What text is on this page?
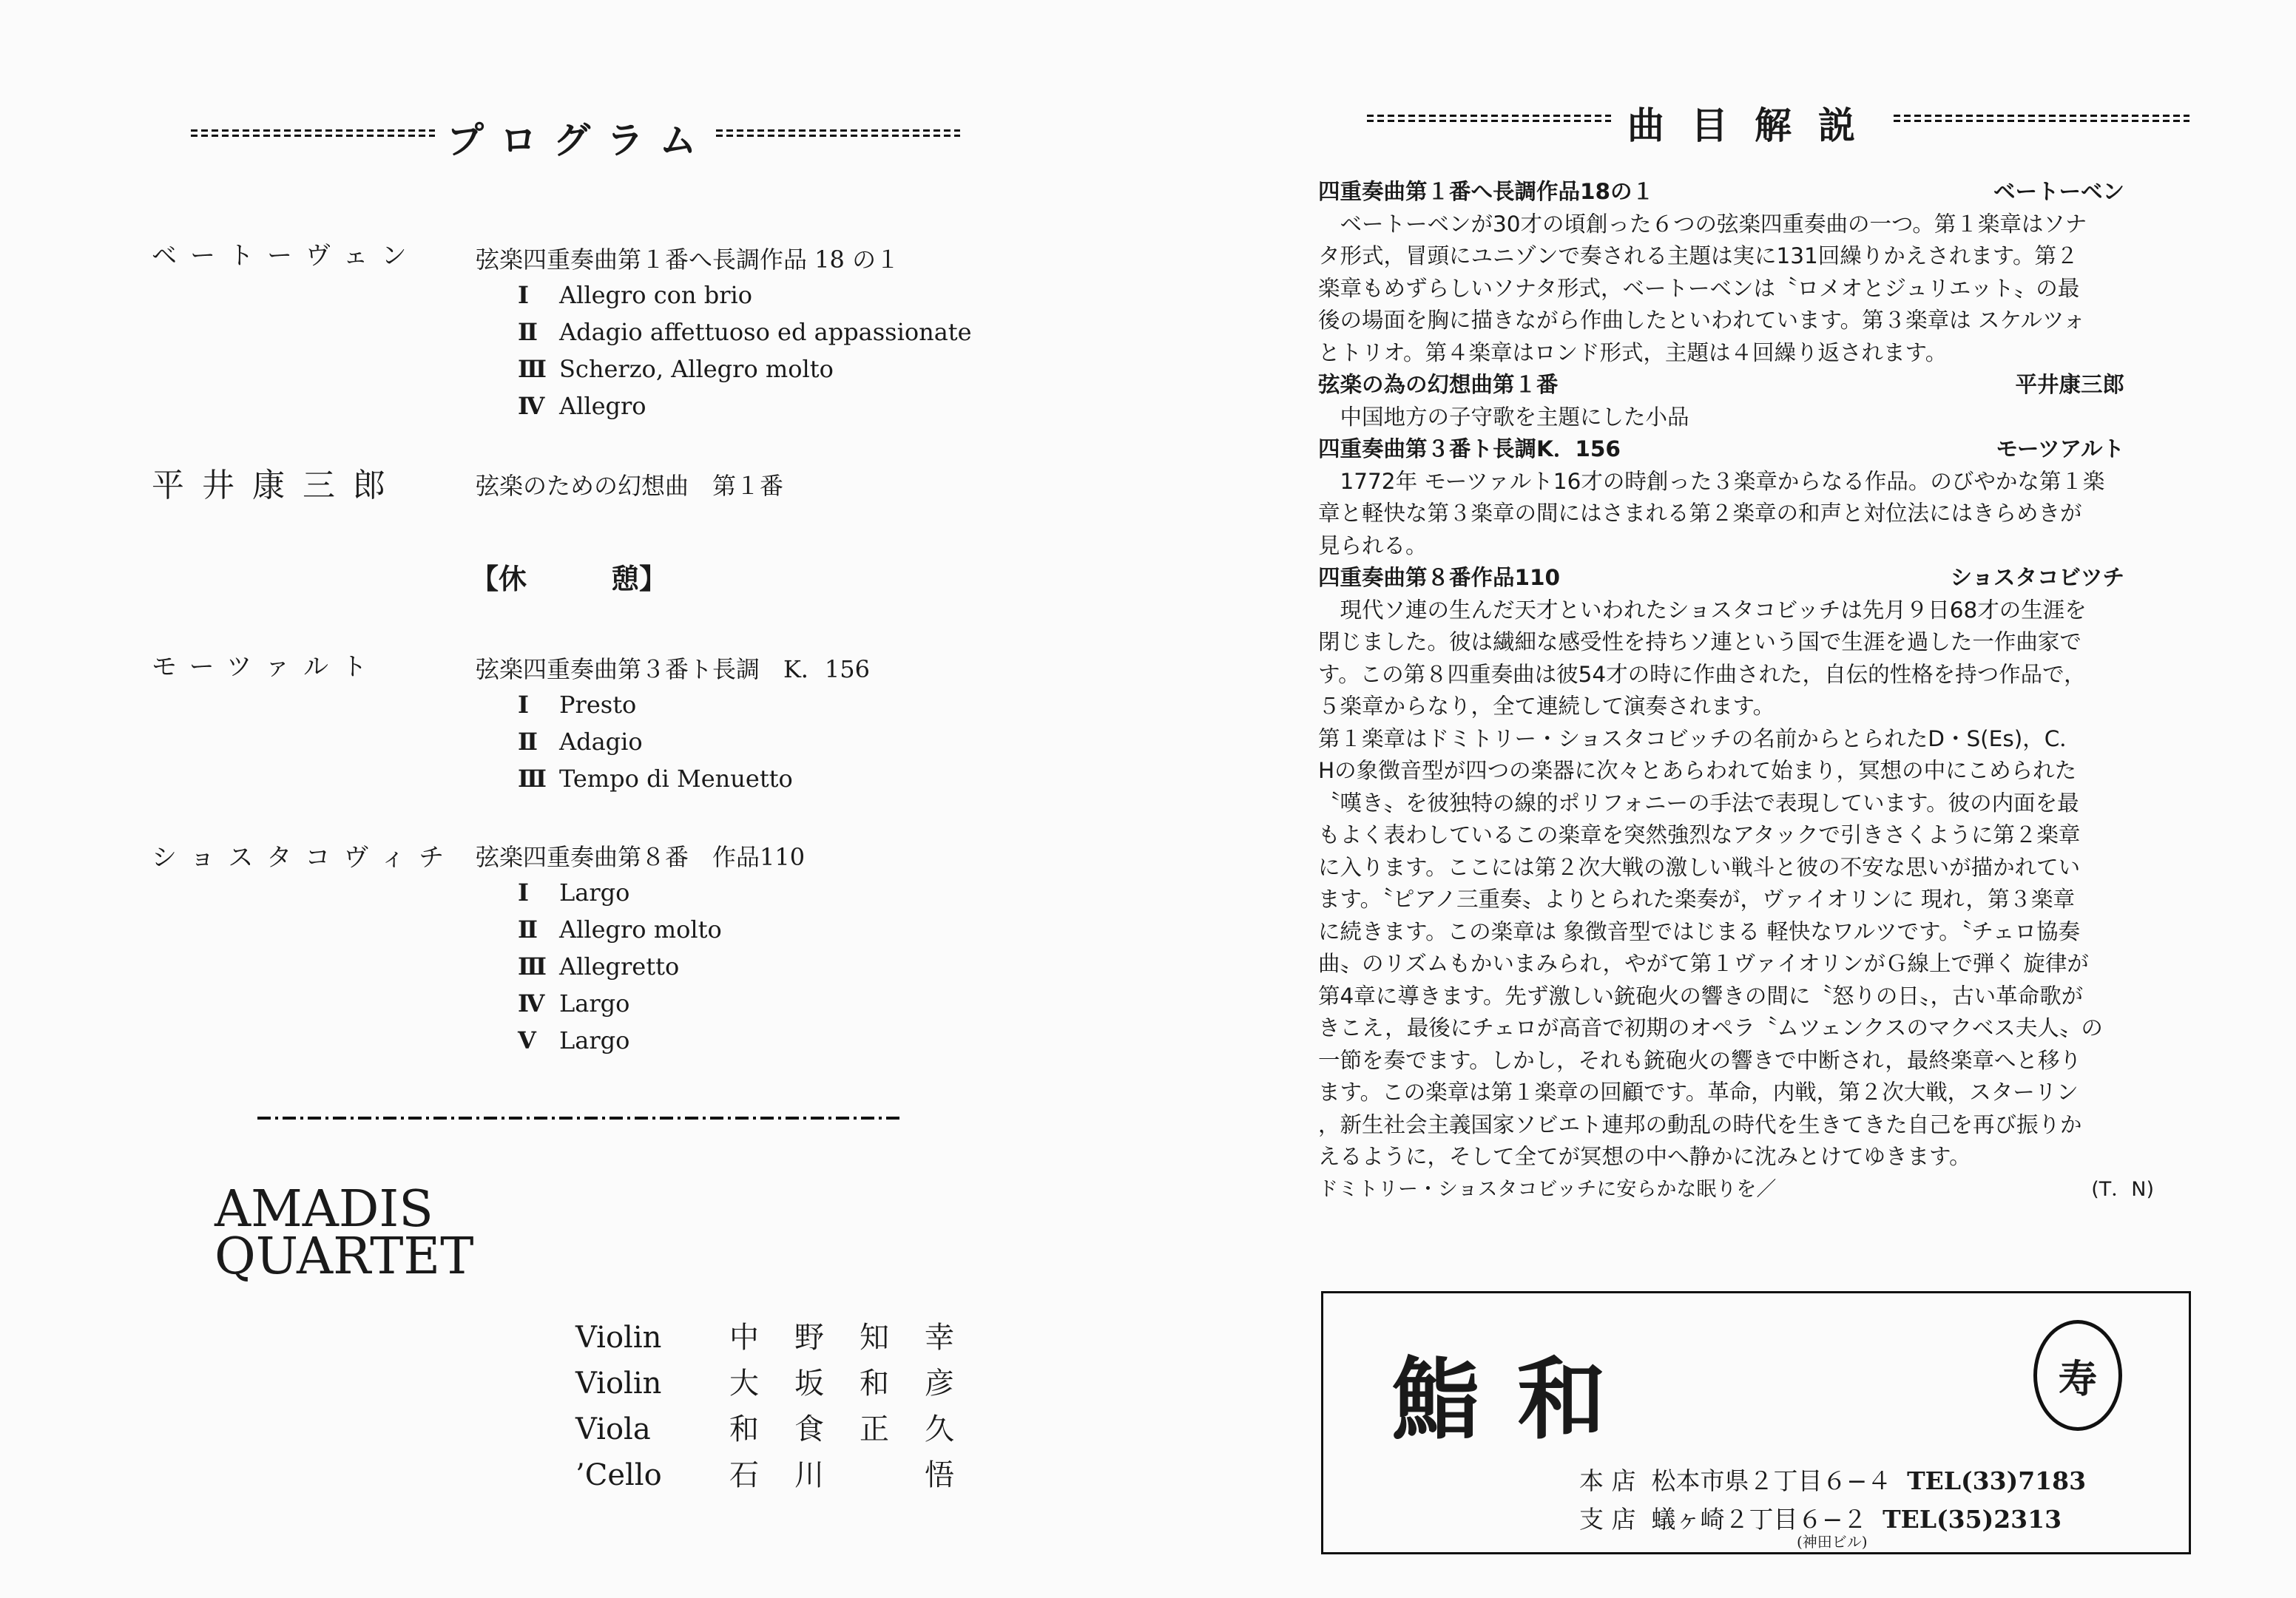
プログラム
ベートーヴェン 弦楽四重奏曲第１番へ長調作品 18 の１
Ⅰ Allegro con brio
Ⅱ Adagio affettuoso ed appassionate
Ⅲ Scherzo, Allegro molto
Ⅳ Allegro
平井康三郎	弦楽のための幻想曲　第１番
【休　　　憩】
モーツァルト	弦楽四重奏曲第３番ト長調　K．156
Ⅰ Presto
Ⅱ Adagio
Ⅲ Tempo di Menuetto
ショスタコヴィチ 弦楽四重奏曲第８番　作品110
Ⅰ Largo
Ⅱ Allegro molto
Ⅲ Allegretto
Ⅳ Largo
Ⅴ Largo
AMADIS
QUARTET
Violin 中 野 知 幸
Violin 大 坂 和 彦
Viola	和 食 正 久
’Cello 石 川	悟
曲目解説
四重奏曲第１番へ長調作品18の１	ベートーベン
　ベートーベンが30才の頃創った６つの弦楽四重奏曲の一つ。第１楽章はソナ
タ形式，冒頭にユニゾンで奏される主題は実に131回繰りかえされます。第２
楽章もめずらしいソナタ形式，ベートーベンは〝ロメオとジュリエット〟の最
後の場面を胸に描きながら作曲したといわれています。第３楽章は スケルツォ
とトリオ。第４楽章はロンド形式，主題は４回繰り返されます。
弦楽の為の幻想曲第１番	平井康三郎
　中国地方の子守歌を主題にした小品
四重奏曲第３番ト長調K．156	モーツアルト
　1772年 モーツァルト16才の時創った３楽章からなる作品。のびやかな第１楽
章と軽快な第３楽章の間にはさまれる第２楽章の和声と対位法にはきらめきが
見られる。
四重奏曲第８番作品110	ショスタコビツチ
　現代ソ連の生んだ天才といわれたショスタコビッチは先月９日68才の生涯を
閉じました。彼は繊細な感受性を持ちソ連という国で生涯を過した一作曲家で
す。この第８四重奏曲は彼54才の時に作曲された，自伝的性格を持つ作品で，
５楽章からなり，全て連続して演奏されます。
第１楽章はドミトリー・ショスタコビッチの名前からとられたD・S(Es)，C．
Hの象徴音型が四つの楽器に次々とあらわれて始まり，冥想の中にこめられた
〝嘆き〟を彼独特の線的ポリフォニーの手法で表現しています。彼の内面を最
もよく表わしているこの楽章を突然強烈なアタックで引きさくように第２楽章
に入ります。ここには第２次大戦の激しい戦斗と彼の不安な思いが描かれてい
ます。〝ピアノ三重奏〟よりとられた楽奏が，ヴァイオリンに 現れ，第３楽章
に続きます。この楽章は 象徴音型ではじまる 軽快なワルツです。〝チェロ協奏
曲〟のリズムもかいまみられ，やがて第１ヴァイオリンがＧ線上で弾く 旋律が
第4章に導きます。先ず激しい銃砲火の響きの間に〝怒りの日〟，古い革命歌が
きこえ，最後にチェロが高音で初期のオペラ〝ムツェンクスのマクベス夫人〟の
一節を奏でます。しかし，それも銃砲火の響きで中断され，最終楽章へと移り
ます。この楽章は第１楽章の回顧です。革命，内戦，第２次大戦，スターリン
，新生社会主義国家ソビエト連邦の動乱の時代を生きてきた自己を再び振りか
えるように，そして全てが冥想の中へ静かに沈みとけてゆきます。
ドミトリー・ショスタコビッチに安らかな眠りを／	(T．N)
鮨和	寿
本 店 松本市県２丁目６−４ TEL(33)7183
支 店 蟻ヶ崎２丁目６−２ TEL(35)2313
(神田ビル)
